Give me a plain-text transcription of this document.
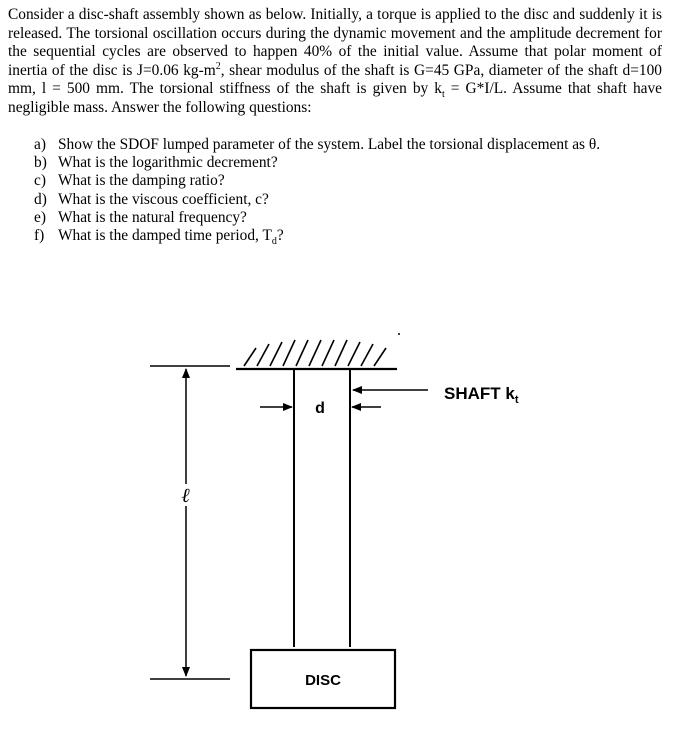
Consider a disc-shaft assembly shown as below. Initially, a torque is applied to the disc and suddenly it is released. The torsional oscillation occurs during the dynamic movement and the amplitude decrement for the sequential cycles are observed to happen 40% of the initial value. Assume that polar moment of inertia of the disc is J=0.06 $kg-m^2$, shear modulus of the shaft is G=45 GPa, diameter of the shaft d=100 mm, l = 500 mm. The torsional stiffness of the shaft is given by $k_t = G*I/L$. Assume that shaft have negligible mass. Answer the following questions:

a) Show the SDOF lumped parameter of the system. Label the torsional displacement as θ.
b) What is the logarithmic decrement?
c) What is the damping ratio?
d) What is the viscous coefficient, c?
e) What is the natural frequency?
f) What is the damped time period, $T_d$?
DISC
d
SHAFT $k_t$
ℓ
